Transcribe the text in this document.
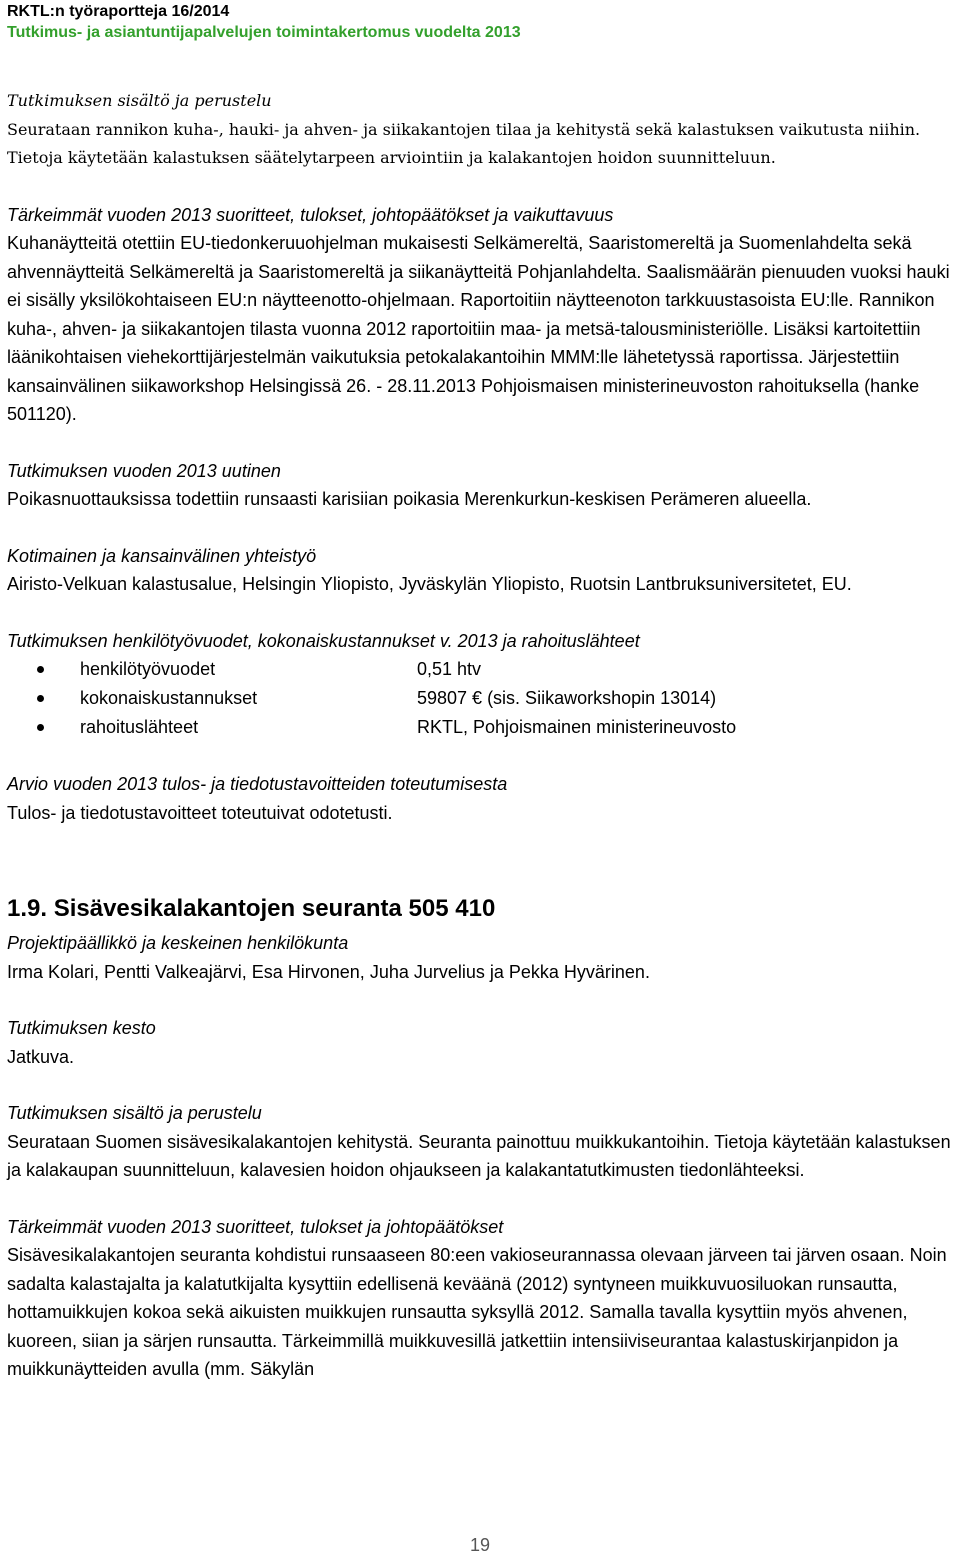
RKTL:n työraportteja 16/2014
Tutkimus- ja asiantuntijapalvelujen toimintakertomus vuodelta 2013

Tutkimuksen sisältö ja perustelu

Seurataan rannikon kuha-, hauki- ja ahven- ja siikakantojen tilaa ja kehitystä sekä kalastuksen vaikutusta niihin. Tietoja käytetään kalastuksen säätelytarpeen arviointiin ja kalakantojen hoidon suunnitteluun.

Tärkeimmät vuoden 2013 suoritteet, tulokset, johtopäätökset ja vaikuttavuus

Kuhanäytteitä otettiin EU-tiedonkeruuohjelman mukaisesti Selkämereltä, Saaristomereltä ja Suomenlahdelta sekä ahvennäytteitä Selkämereltä ja Saaristomereltä ja siikanäytteitä Pohjanlahdelta. Saalismäärän pienuuden vuoksi hauki ei sisälly yksilökohtaiseen EU:n näytteenotto-ohjelmaan. Raportoitiin näytteenoton tarkkuustasoista EU:lle. Rannikon kuha-, ahven- ja siikakantojen tilasta vuonna 2012 raportoitiin maa- ja metsä-talousministeriölle. Lisäksi kartoitettiin läänikohtaisen viehekorttijärjestelmän vaikutuksia petokalakantoihin MMM:lle lähetetyssä raportissa. Järjestettiin kansainvälinen siikaworkshop Helsingissä 26. - 28.11.2013 Pohjoismaisen ministerineuvoston rahoituksella (hanke 501120).

Tutkimuksen vuoden 2013 uutinen

Poikasnuottauksissa todettiin runsaasti karisiian poikasia Merenkurkun-keskisen Perämeren alueella.

Kotimainen ja kansainvälinen yhteistyö

Airisto-Velkuan kalastusalue, Helsingin Yliopisto, Jyväskylän Yliopisto, Ruotsin Lantbruksuniversitetet, EU.

Tutkimuksen henkilötyövuodet, kokonaiskustannukset v. 2013 ja rahoituslähteet

henkilötyövuodet	0,51 htv
kokonaiskustannukset	59807 € (sis. Siikaworkshopin 13014)
rahoituslähteet	RKTL, Pohjoismainen ministerineuvosto

Arvio vuoden 2013 tulos- ja tiedotustavoitteiden toteutumisesta

Tulos- ja tiedotustavoitteet toteutuivat odotetusti.

1.9. Sisävesikalakantojen seuranta 505 410

Projektipäällikkö ja keskeinen henkilökunta

Irma Kolari, Pentti Valkeajärvi, Esa Hirvonen, Juha Jurvelius ja Pekka Hyvärinen.

Tutkimuksen kesto

Jatkuva.

Tutkimuksen sisältö ja perustelu

Seurataan Suomen sisävesikalakantojen kehitystä. Seuranta painottuu muikkukantoihin. Tietoja käytetään kalastuksen ja kalakaupan suunnitteluun, kalavesien hoidon ohjaukseen ja kalakantatutkimusten tiedonlähteeksi.

Tärkeimmät vuoden 2013 suoritteet, tulokset ja johtopäätökset

Sisävesikalakantojen seuranta kohdistui runsaaseen 80:een vakioseurannassa olevaan järveen tai järven osaan. Noin sadalta kalastajalta ja kalatutkijalta kysyttiin edellisenä keväänä (2012) syntyneen muikkuvuosiluokan runsautta, hottamuikkujen kokoa sekä aikuisten muikkujen runsautta syksyllä 2012. Samalla tavalla kysyttiin myös ahvenen, kuoreen, siian ja särjen runsautta. Tärkeimmillä muikkuvesillä jatkettiin intensiiviseurantaa kalastuskirjanpidon ja muikkunäytteiden avulla (mm. Säkylän

19
